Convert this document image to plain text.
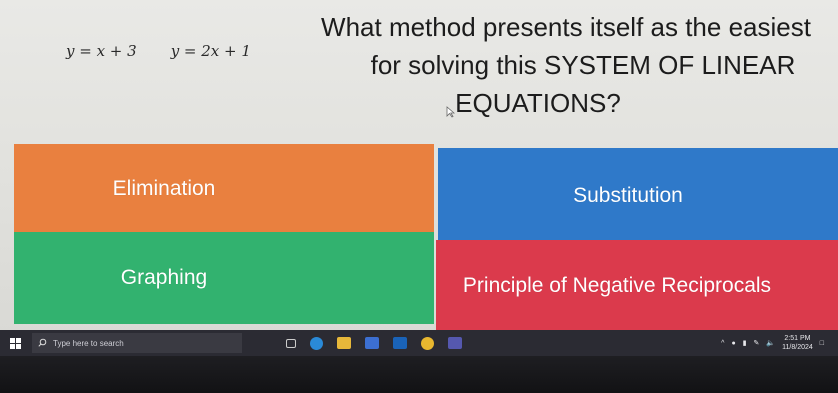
y = x + 3 y = 2x + 1
What method presents itself as the easiest
for solving this SYSTEM OF LINEAR
EQUATIONS?
Elimination	Substitution
Graphing	Principle of Negative Reciprocals
Type here to search	^ ● ▮ ✎ 🔈
2:51 PM
11/8/2024
□
